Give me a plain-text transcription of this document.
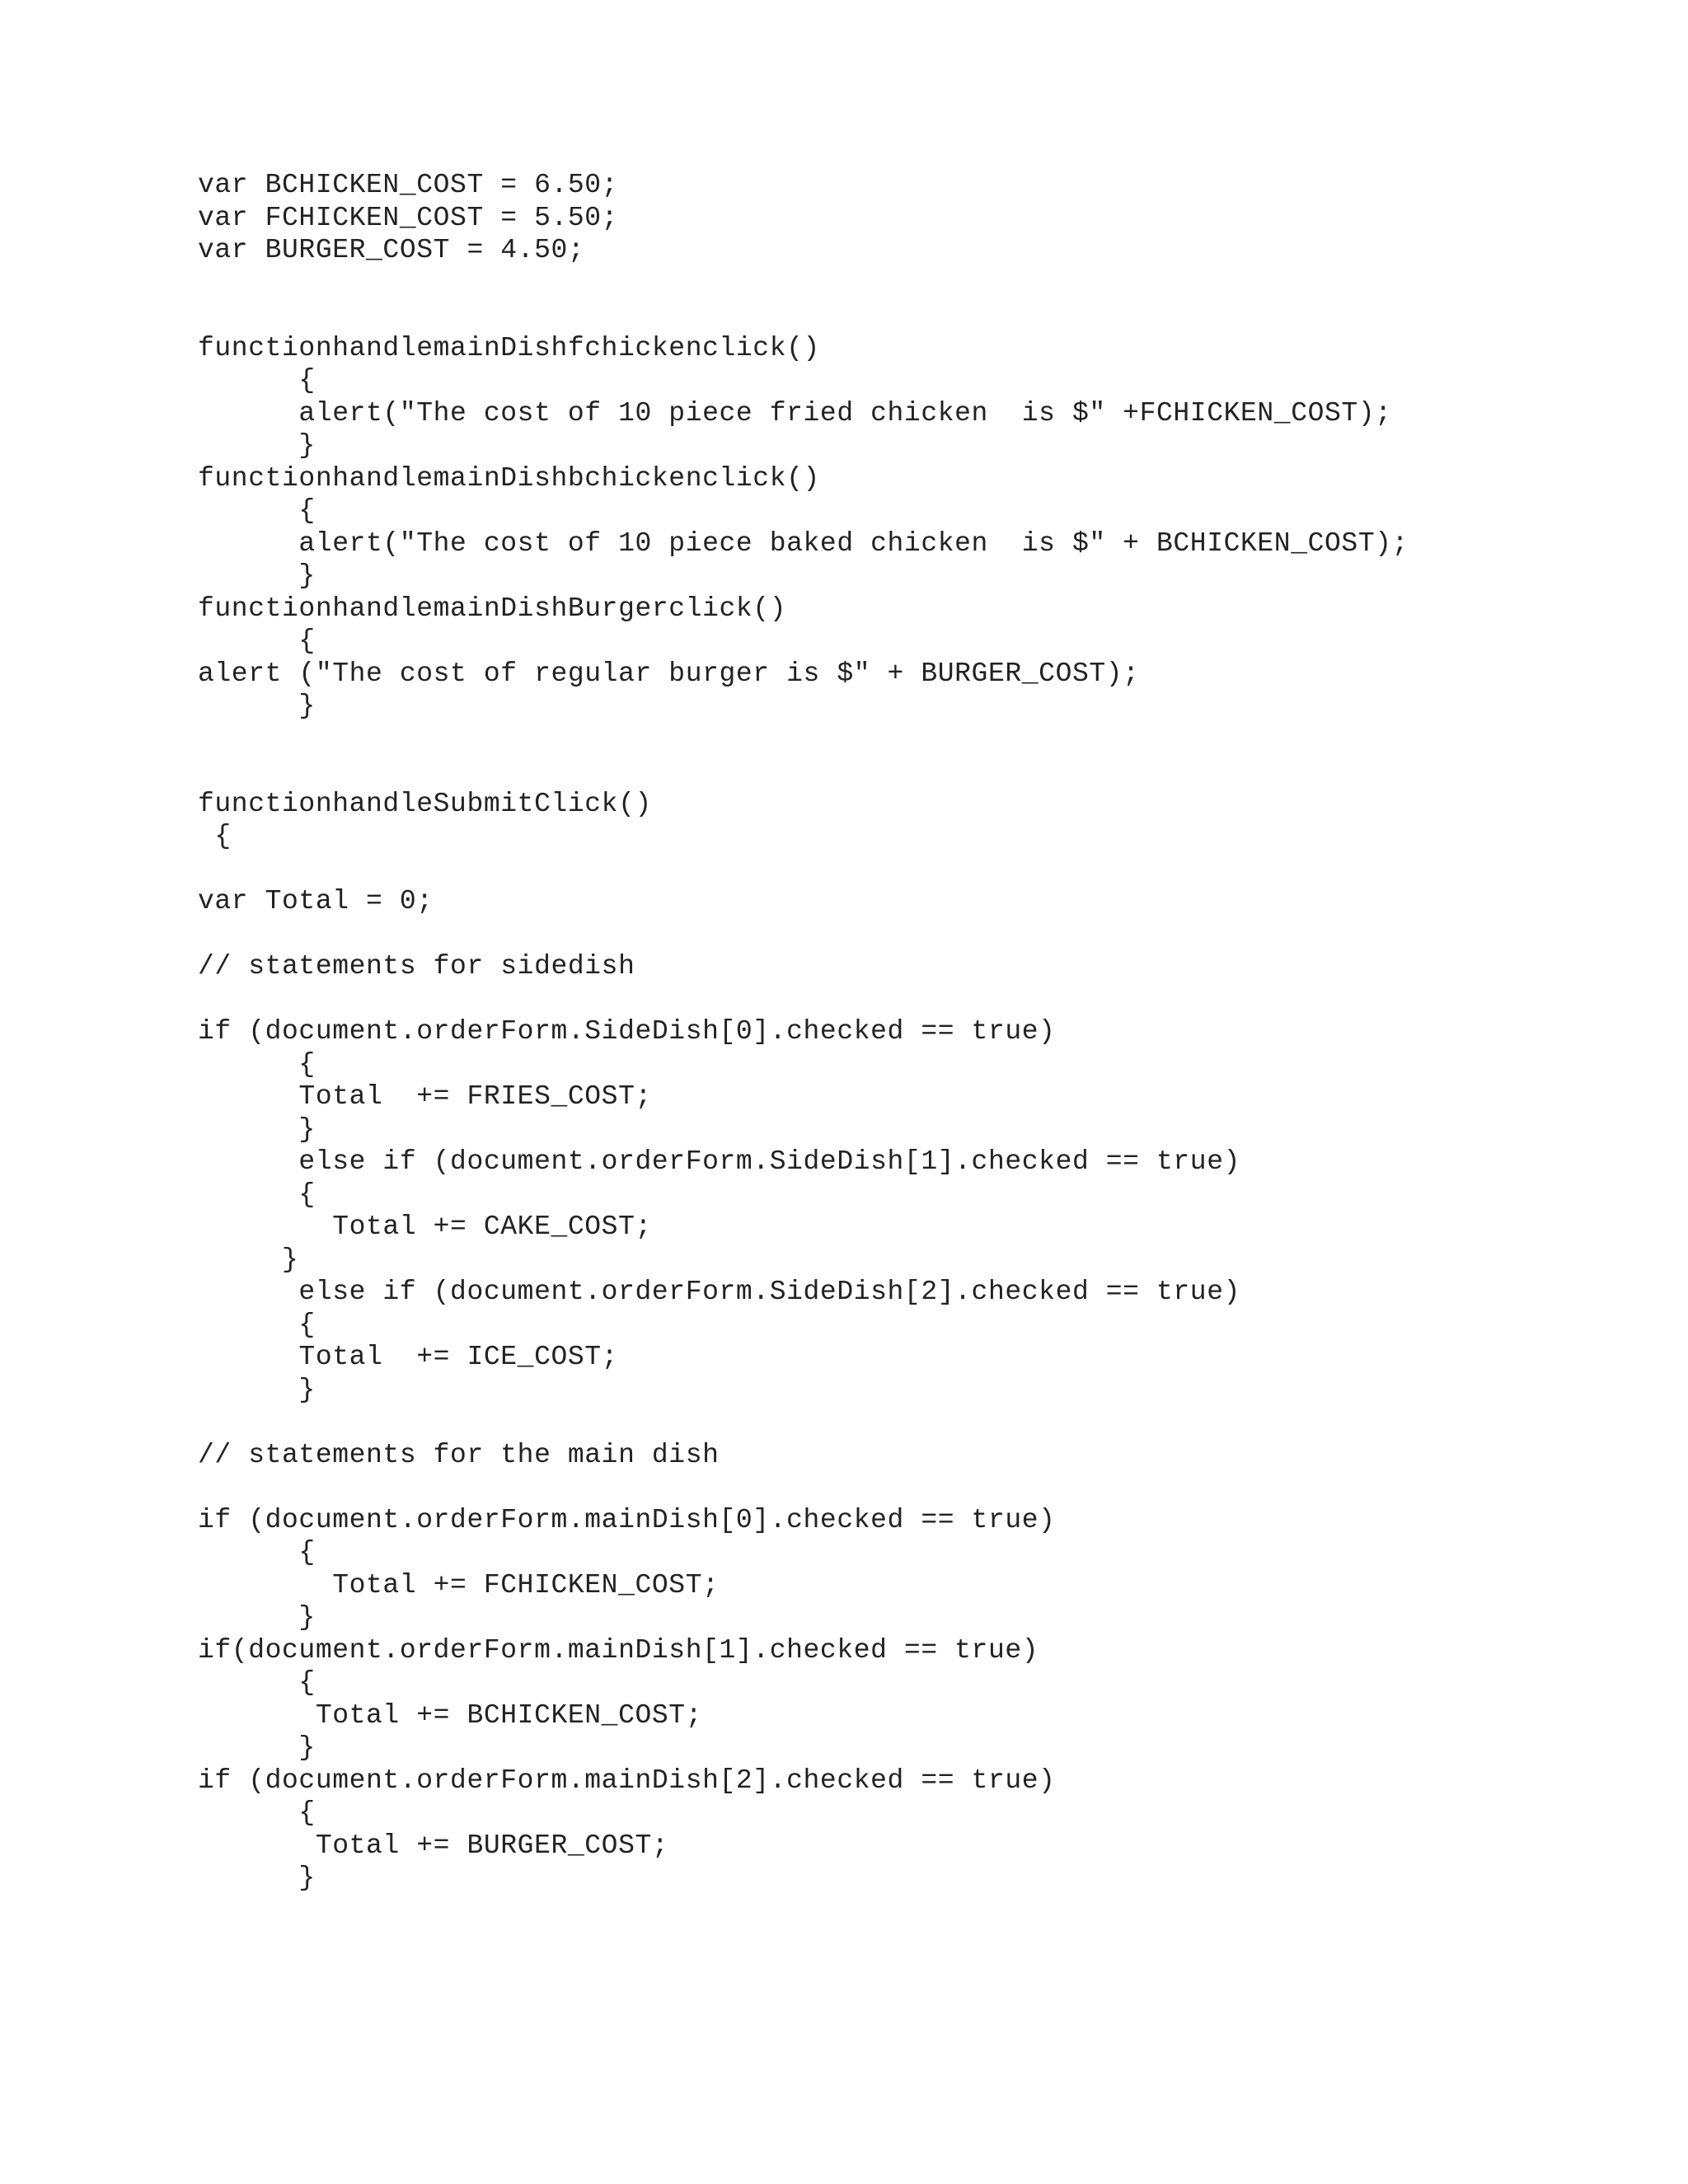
var BCHICKEN_COST = 6.50;
var FCHICKEN_COST = 5.50;
var BURGER_COST = 4.50;
functionhandlemainDishfchickenclick()
{
alert("The cost of 10 piece fried chicken  is $" +FCHICKEN_COST);
}
functionhandlemainDishbchickenclick()
{
alert("The cost of 10 piece baked chicken  is $" + BCHICKEN_COST);
}
functionhandlemainDishBurgerclick()
{
alert ("The cost of regular burger is $" + BURGER_COST);
}
functionhandleSubmitClick()
{
var Total = 0;
// statements for sidedish
if (document.orderForm.SideDish[0].checked == true)
{
Total  += FRIES_COST;
}
else if (document.orderForm.SideDish[1].checked == true)
{
Total += CAKE_COST;
}
else if (document.orderForm.SideDish[2].checked == true)
{
Total  += ICE_COST;
}
// statements for the main dish
if (document.orderForm.mainDish[0].checked == true)
{
Total += FCHICKEN_COST;
}
if(document.orderForm.mainDish[1].checked == true)
{
Total += BCHICKEN_COST;
}
if (document.orderForm.mainDish[2].checked == true)
{
Total += BURGER_COST;
}
